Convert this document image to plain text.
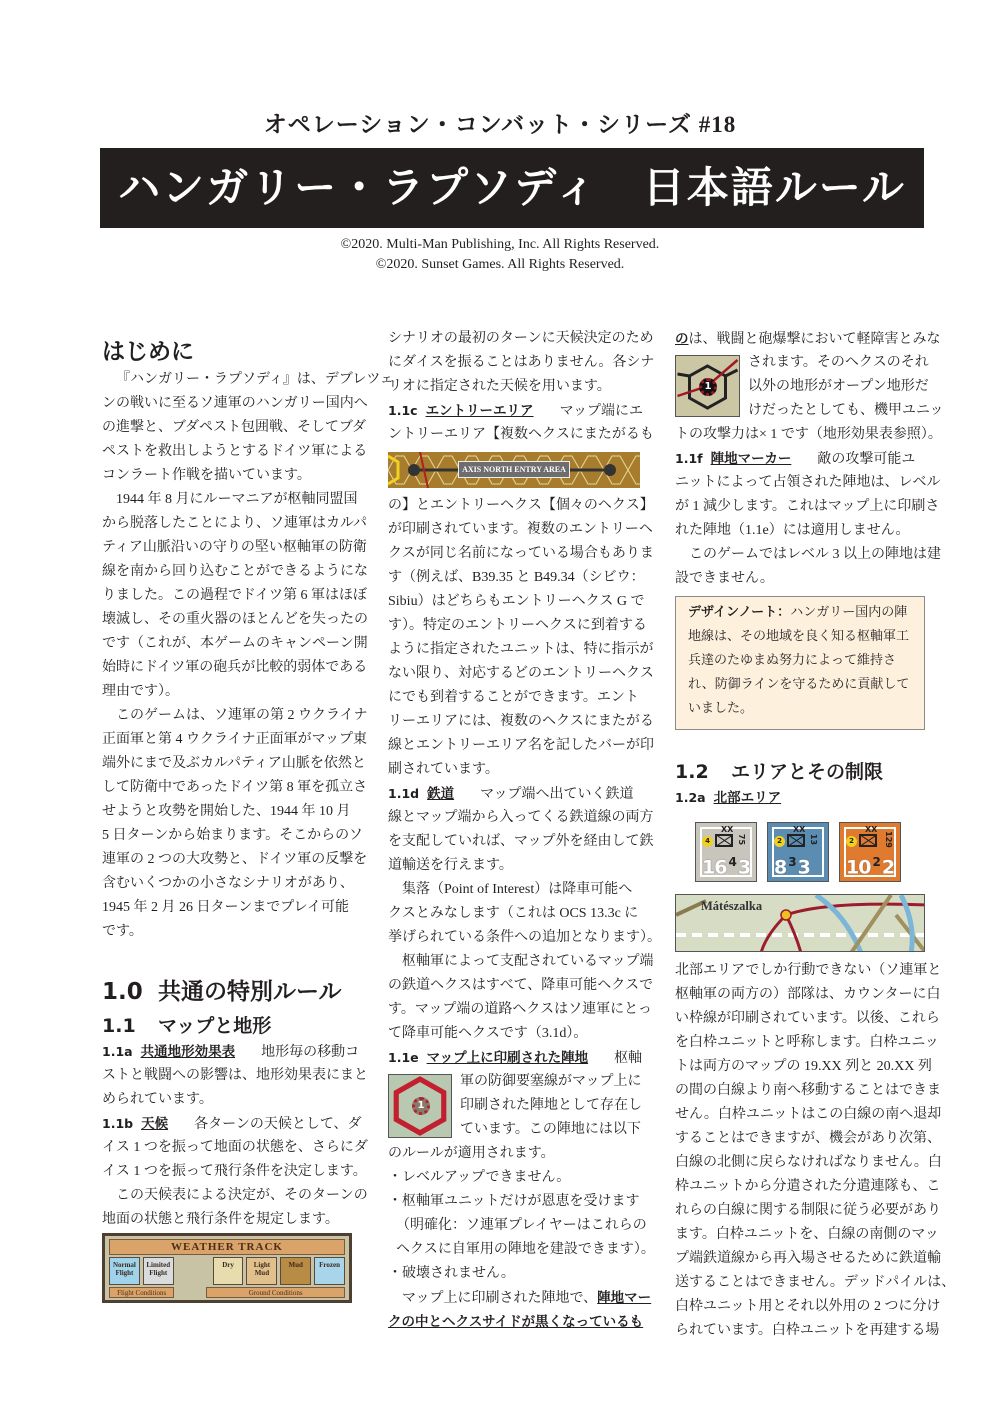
オペレーション・コンバット・シリーズ #18
ハンガリー・ラプソディ　日本語ルール
©2020. Multi-Man Publishing, Inc. All Rights Reserved.
©2020. Sunset Games. All Rights Reserved.
はじめに
『ハンガリー・ラプソディ』は、デブレツェ
ンの戦いに至るソ連軍のハンガリー国内へ
の進撃と、ブダペスト包囲戦、そしてブダ
ペストを救出しようとするドイツ軍による
コンラート作戦を描いています。
1944 年 8 月にルーマニアが枢軸同盟国
から脱落したことにより、ソ連軍はカルパ
ティア山脈沿いの守りの堅い枢軸軍の防衛
線を南から回り込むことができるようにな
りました。この過程でドイツ第 6 軍はほぼ
壊滅し、その重火器のほとんどを失ったの
です（これが、本ゲームのキャンペーン開
始時にドイツ軍の砲兵が比較的弱体である
理由です）。
このゲームは、ソ連軍の第 2 ウクライナ
正面軍と第 4 ウクライナ正面軍がマップ東
端外にまで及ぶカルパティア山脈を依然と
して防衛中であったドイツ第 8 軍を孤立さ
せようと攻勢を開始した、1944 年 10 月
5 日ターンから始まります。そこからのソ
連軍の 2 つの大攻勢と、ドイツ軍の反撃を
含むいくつかの小さなシナリオがあり、
1945 年 2 月 26 日ターンまでプレイ可能
です。
1.0 共通の特別ルール
1.1 マップと地形
1.1a 共通地形効果表 地形毎の移動コ
ストと戦闘への影響は、地形効果表にまと
められています。
1.1b 天候 各ターンの天候として、ダ
イス 1 つを振って地面の状態を、さらにダ
イス 1 つを振って飛行条件を決定します。
この天候表による決定が、そのターンの
地面の状態と飛行条件を規定します。
WEATHER TRACK
Normal Flight
Limited Flight
Dry	Light Mud
Mud	Frozen
Flight Conditions	Ground Conditions
シナリオの最初のターンに天候決定のため
にダイスを振ることはありません。各シナ
リオに指定された天候を用います。
1.1c エントリーエリア マップ端にエ
ントリーエリア【複数ヘクスにまたがるも
AXIS NORTH ENTRY AREA
の】とエントリーヘクス【個々のヘクス】
が印刷されています。複数のエントリーヘ
クスが同じ名前になっている場合もありま
す（例えば、B39.35 と B49.34（シビウ：
Sibiu）はどちらもエントリーヘクス G で
す）。特定のエントリーヘクスに到着する
ように指定されたユニットは、特に指示が
ない限り、対応するどのエントリーヘクス
にでも到着することができます。エント
リーエリアには、複数のヘクスにまたがる
線とエントリーエリア名を記したバーが印
刷されています。
1.1d 鉄道 マップ端へ出ていく鉄道
線とマップ端から入ってくる鉄道線の両方
を支配していれば、マップ外を経由して鉄
道輸送を行えます。
集落（Point of Interest）は降車可能へ
クスとみなします（これは OCS 13.3c に
挙げられている条件への追加となります）。
枢軸軍によって支配されているマップ端
の鉄道ヘクスはすべて、降車可能ヘクスで
す。マップ端の道路ヘクスはソ連軍にとっ
て降車可能ヘクスです（3.1d）。
1.1e マップ上に印刷された陣地 枢軸
1
軍の防御要塞線がマップ上に
印刷された陣地として存在し
ています。この陣地には以下
のルールが適用されます。
・レベルアップできません。
・枢軸軍ユニットだけが恩恵を受けます
（明確化：ソ連軍プレイヤーはこれらの
ヘクスに自軍用の陣地を建設できます）。
・破壊されません。
マップ上に印刷された陣地で、陣地マー
クの中とヘクスサイドが黒くなっているも
のは、戦闘と砲爆撃において軽障害とみな
1
されます。そのヘクスのそれ
以外の地形がオープン地形だ
けだったとしても、機甲ユニッ
トの攻撃力は× 1 です（地形効果表参照）。
1.1f 陣地マーカー 敵の攻撃可能ユ
ニットによって占領された陣地は、レベル
が 1 減少します。これはマップ上に印刷さ
れた陣地（1.1e）には適用しません。
このゲームではレベル 3 以上の陣地は建
設できません。
デザインノート：ハンガリー国内の陣
地線は、その地域を良く知る枢軸軍工
兵達のたゆまぬ努力によって維持さ
れ、防御ラインを守るために貢献して
いました。
1.2 エリアとその制限
1.2a 北部エリア
XX
4	75
16 $^4$ 3
XX
2	13
8 $^3$ 3
XX
2	129
10 $^2$ 2
Mátészalka
北部エリアでしか行動できない（ソ連軍と
枢軸軍の両方の）部隊は、カウンターに白
い枠線が印刷されています。以後、これら
を白枠ユニットと呼称します。白枠ユニッ
トは両方のマップの 19.XX 列と 20.XX 列
の間の白線より南へ移動することはできま
せん。白枠ユニットはこの白線の南へ退却
することはできますが、機会があり次第、
白線の北側に戻らなければなりません。白
枠ユニットから分遣された分遣連隊も、こ
れらの白線に関する制限に従う必要があり
ます。白枠ユニットを、白線の南側のマッ
プ端鉄道線から再入場させるために鉄道輸
送することはできません。デッドパイルは、
白枠ユニット用とそれ以外用の 2 つに分け
られています。白枠ユニットを再建する場
